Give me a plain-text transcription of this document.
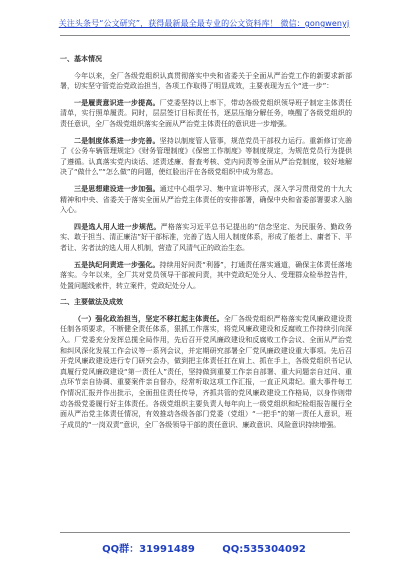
关注头条号“公文研究”，获得最新最全最专业的公文资料库！ 微信：gongwenyj
一、基本情况
今年以来，全厂各级党组织认真贯彻落实中央和省委关于全面从严治党工作的新要求新部署，切实坚守管党治党政治担当，各项工作取得了明显成效，主要表现为五个“进一步”：
一是履责意识进一步提高。厂党委坚持以上率下，带动各级党组织领导班子制定主体责任清单，实行照单履责。同时，层层签订目标责任书，逐层压缩分解任务，唤醒了各级党组织的责任意识，全厂各级党组织落实全面从严治党主体责任的意识进一步增强。
二是制度体系进一步完善。坚持以制度管人管事，规范党员干部权力运行。重新修订完善了《公务车辆管理规定》《财务管理制度》《保密工作制度》等制度规定，为规范党员行为提供了遵循。认真落实党内谈话、述责述廉、督查考核、党内问责等全面从严治党制度，较好地解决了“做什么”“怎么做”的问题，使红脸出汗在各级党组织中成为常态。
三是思想建设进一步加强。通过中心组学习、集中宣讲等形式，深入学习贯彻党的十九大精神和中央、省委关于落实全面从严治党主体责任的安排部署，确保中央和省委部署要求入脑入心。
四是选人用人进一步规范。严格落实习近平总书记提出的“信念坚定、为民服务、勤政务实、敢于担当、清正廉洁”好干部标准，完善了选人用人制度体系，形成了能者上、庸者下、平者让、劣者汰的选人用人机制，营造了风清气正的政治生态。
五是执纪问责进一步强化。持续用好问责“利器”，打通责任落实通道，确保主体责任落地落实。今年以来，全厂共对党员领导干部被问责，其中党政纪处分人、受理群众检举控告件，处置问题线索件，转立案件，党政纪处分人。
二、主要做法及成效
（一）强化政治担当，坚定不移扛起主体责任。全厂各级党组织严格落实党风廉政建设责任制各项要求，不断健全责任体系，狠抓工作落实，将党风廉政建设和反腐败工作持续引向深入。厂党委充分发挥总揽全局作用，先后召开党风廉政建设和反腐败工作会议、全面从严治党和纠风深化发展工作会议等一系列会议，并定期研究部署全厂党风廉政建设重大事项。先后召开党风廉政建设进行专门研究会办，做到把主体责任扛在肩上、抓在手上，各级党组织书记认真履行党风廉政建设“第一责任人”责任，坚持做到重要工作亲自部署、重大问题亲自过问、重点环节亲自协调、重要案件亲自督办，经常听取这项工作汇报，一直正风肃纪。重大事件每工作情况汇报并作出批示，全面扭住责任传导，齐抓共管的党风廉政建设工作格局，以身作则带动各级党委履行好主体责任。各级党组织主要负责人每年向上一级党组织和纪检组报告履行全面从严治党主体责任情况，有效推动各级各部门党委（党组）“一把手”的第一责任人意识，班子成员的“一岗双责”意识，全厂各级领导干部的责任意识、廉政意识、风险意识持续增强。
QQ群：31991489	QQ:535304092
